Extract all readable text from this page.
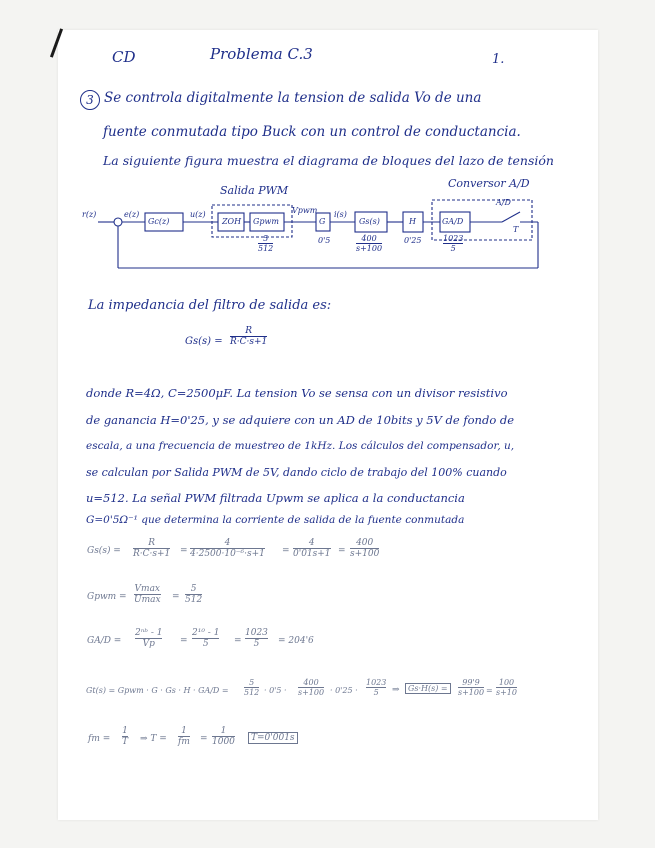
CD	Problema C.3	1.
3 Se controla digitalmente la tension de salida Vo de una
fuente conmutada tipo Buck con un control de conductancia.
La siguiente figura muestra el diagrama de bloques del lazo de tensión
r(z)	e(z)	u(z)	Vpwm i(s)
A/D
T
Gc(z)	ZOH Gpwm	G	Gs(s)	H	GA/D
Salida PWM
Conversor A/D
$\frac{5}{512}$	0'5	$\frac{400}{s+100}$	0'25	$\frac{1023}{5}$
La impedancia del filtro de salida es:
$Gs(s) = \frac{R}{R\cdot C\cdot s+1}$
donde R=4Ω, C=2500μF. La tension Vo se sensa con un divisor resistivo
de ganancia H=0'25, y se adquiere con un AD de 10bits y 5V de fondo de
escala, a una frecuencia de muestreo de 1kHz. Los cálculos del compensador, u,
se calculan por Salida PWM de 5V, dando ciclo de trabajo del 100% cuando
u=512. La señal PWM filtrada Upwm se aplica a la conductancia
G=0'5Ω⁻¹ que determina la corriente de salida de la fuente conmutada
$Gs(s) = \frac{R}{R\cdot C\cdot s+1} = \frac{4}{\text{4·2500·10⁻⁶·s+1}} = \frac{4}{0'01s+1} = \frac{400}{s+100}$
Gpwm =
Vmax
$Umax = \frac{5}{512}$
$GA/D = \frac{\text{2ⁿᵇ - 1}}{Vp} = \frac{\text{2¹⁰ - 1}}{5} = \frac{1023}{5} = 204'6$
Gt(s) = Gpwm · $G \cdot Gs \cdot H \cdot GA/D = \frac{5}{512} \cdot 0'5 \cdot \frac{400}{s+100} \cdot 0'25 \cdot \frac{1023}{5}$ ⇒	Gs·H(s) =	$\frac{99'9}{s+100} = \frac{100}{s+10}$
fm = $\frac{1}{T}$ ⇒ $T = \frac{1}{fm} = \frac{1}{1000}$	T=0'001s
